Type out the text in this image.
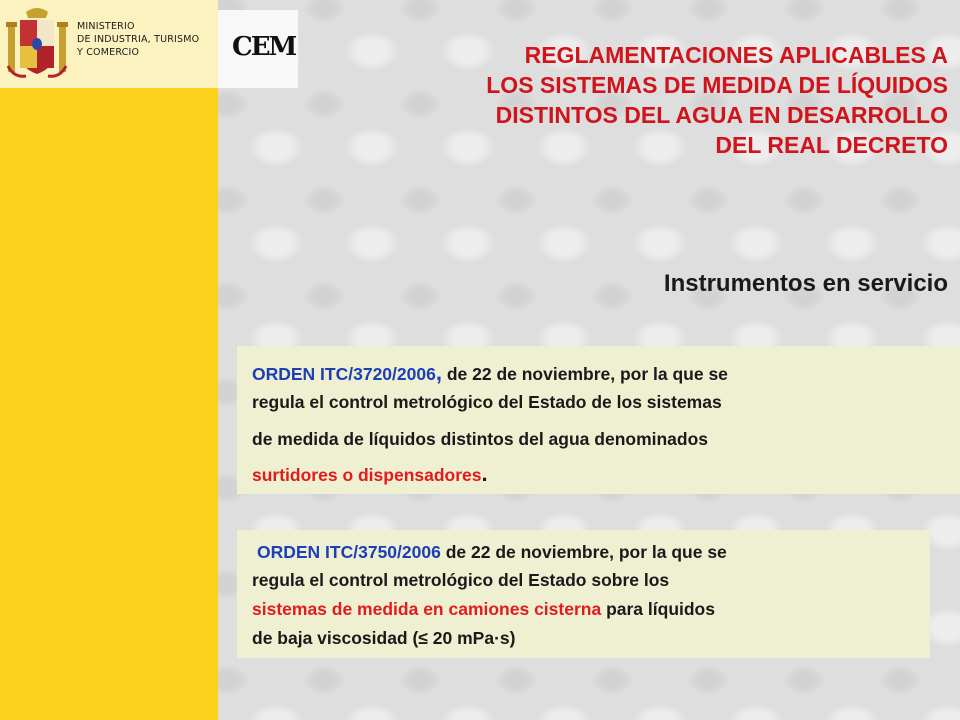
MINISTERIO
DE INDUSTRIA, TURISMO
Y COMERCIO	CEM	REGLAMENTACIONES APLICABLES A
LOS SISTEMAS DE MEDIDA DE LÍQUIDOS
DISTINTOS DEL AGUA EN DESARROLLO
DEL REAL DECRETO
Instrumentos en servicio
ORDEN ITC/3720/2006, de 22 de noviembre, por la que se
regula el control metrológico del Estado de los sistemas
de medida de líquidos distintos del agua denominados
surtidores o dispensadores.
ORDEN ITC/3750/2006 de 22 de noviembre, por la que se
regula el control metrológico del Estado sobre los
sistemas de medida en camiones cisterna para líquidos
de baja viscosidad (≤ 20 mPa·s)
